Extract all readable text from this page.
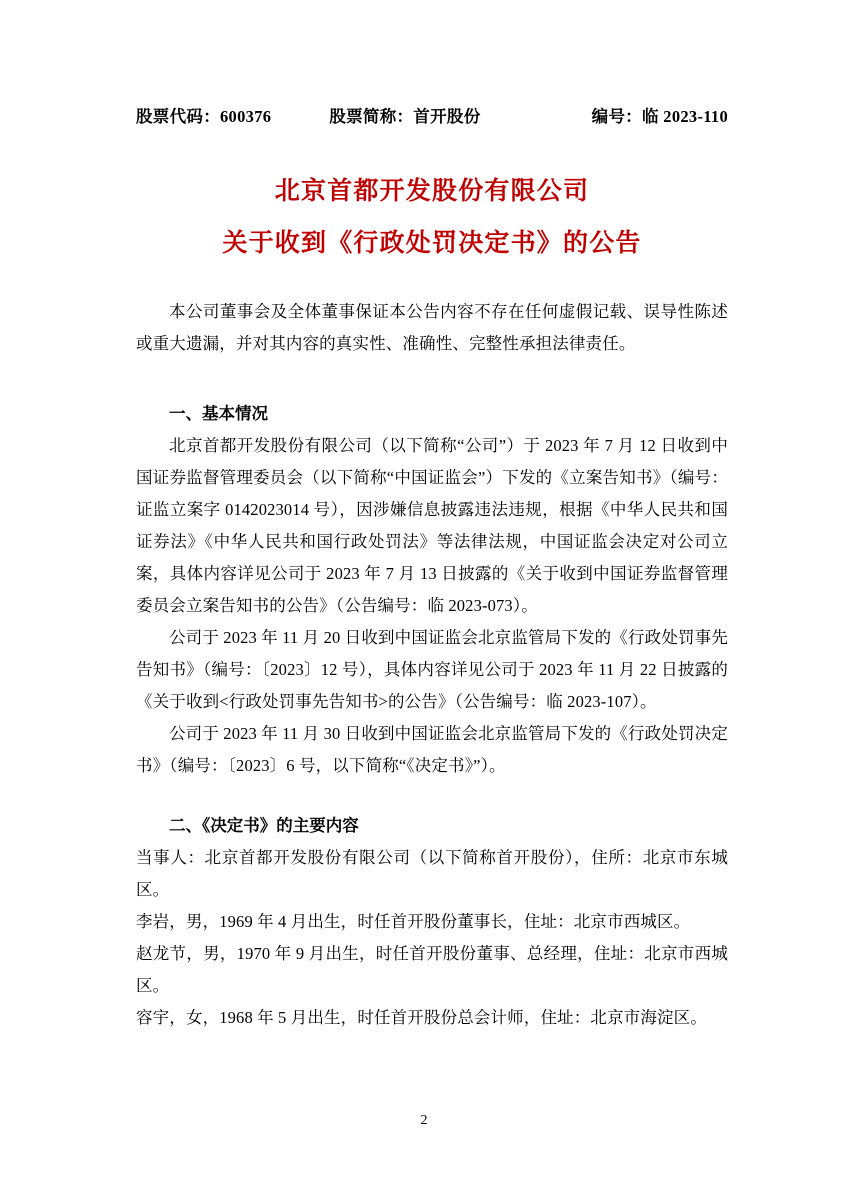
股票代码：600376	股票简称：首开股份	编号：临 2023-110
北京首都开发股份有限公司
关于收到《行政处罚决定书》的公告

本公司董事会及全体董事保证本公告内容不存在任何虚假记载、误导性陈述或重大遗漏，并对其内容的真实性、准确性、完整性承担法律责任。

一、基本情况

北京首都开发股份有限公司（以下简称“公司”）于 2023 年 7 月 12 日收到中国证券监督管理委员会（以下简称“中国证监会”）下发的《立案告知书》（编号：证监立案字 0142023014 号），因涉嫌信息披露违法违规，根据《中华人民共和国证券法》《中华人民共和国行政处罚法》等法律法规，中国证监会决定对公司立案，具体内容详见公司于 2023 年 7 月 13 日披露的《关于收到中国证券监督管理委员会立案告知书的公告》（公告编号：临 2023-073）。

公司于 2023 年 11 月 20 日收到中国证监会北京监管局下发的《行政处罚事先告知书》（编号：〔2023〕12 号），具体内容详见公司于 2023 年 11 月 22 日披露的《关于收到<行政处罚事先告知书>的公告》（公告编号：临 2023-107）。

公司于 2023 年 11 月 30 日收到中国证监会北京监管局下发的《行政处罚决定书》（编号：〔2023〕6 号，以下简称“《决定书》”）。

二、《决定书》的主要内容

当事人：北京首都开发股份有限公司（以下简称首开股份），住所：北京市东城区。

李岩，男，1969 年 4 月出生，时任首开股份董事长，住址：北京市西城区。

赵龙节，男，1970 年 9 月出生，时任首开股份董事、总经理，住址：北京市西城区。

容宇，女，1968 年 5 月出生，时任首开股份总会计师，住址：北京市海淀区。

2
